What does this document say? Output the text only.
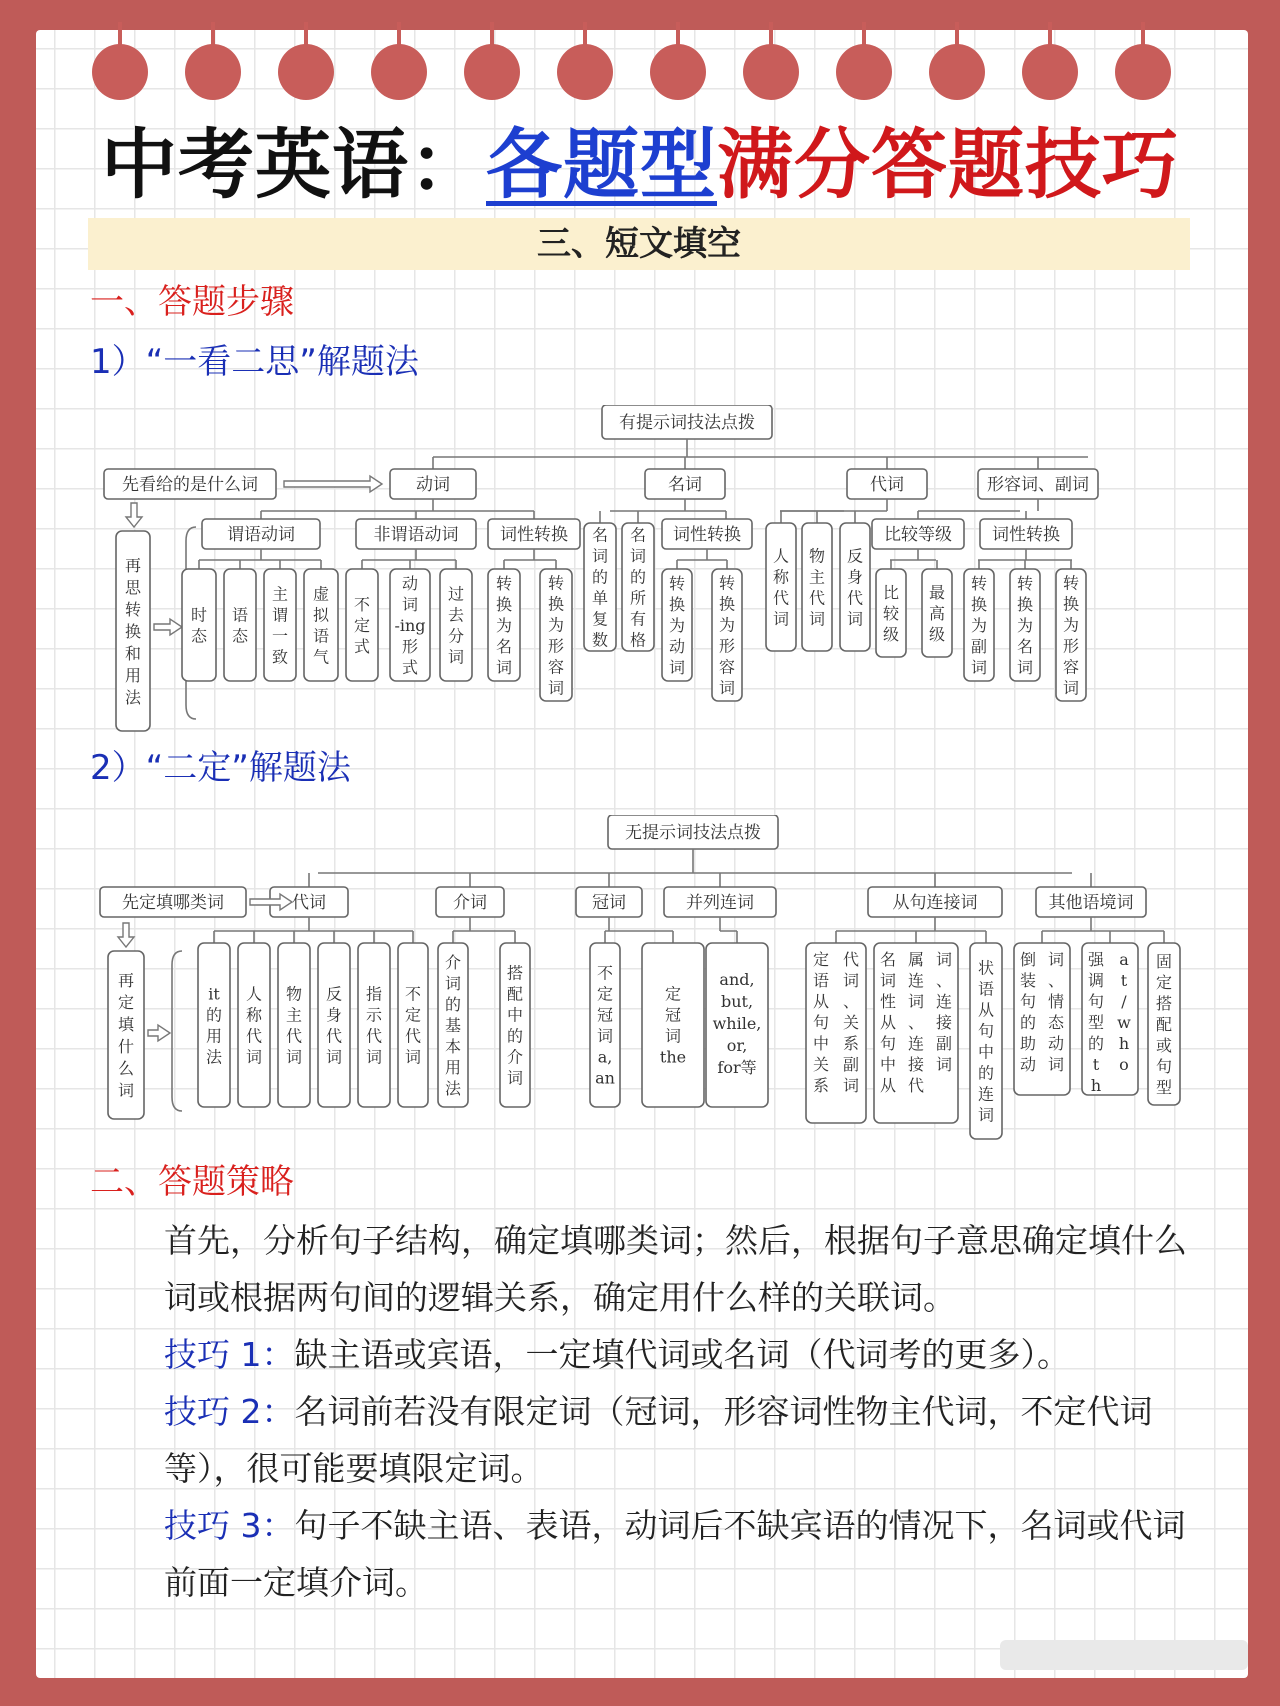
中考英语：各题型满分答题技巧
三、短文填空
一、答题步骤
1）“一看二思”解题法
有提示词技法点拨
动词	名词	代词	形容词、副词
先看给的是什么词
再思转换和用法
谓语动词
时态
语态
主谓一致
虚拟语气
非谓语动词
不定式
动词-ing 形式
过去分词
词性转换
转换为名词
转换为形容词
名词的单复数
名词的所有格
词性转换
转换为动词
转换为形容词
人称代词
物主代词
反身代词
比较等级 词性转换
比较级
最高级
转换为副词
转换为名词
转换为形容词
2）“二定”解题法
无提示词技法点拨
代词	介词	冠词	并列连词	从句连接词	其他语境词
先定填哪类词
再定填什么词
it 的用法
人称代词
物主代词
反身代词
指示代词
不定代词
介词的基本用法
搭配中的介词
不定冠词 a, an
定冠词 the
and, but, while, or, for等
定语从句中关系代词、关系副词
名词性从句中从属连词、连接代词、连接副词
状语从句中的连词
倒装句的助动词、情态动词
强调句型的 t ha t / w h o
固定搭配或句型
二、答题策略

首先，分析句子结构，确定填哪类词；然后，根据句子意思确定填什么词或根据两句间的逻辑关系，确定用什么样的关联词。

技巧 1：缺主语或宾语，一定填代词或名词（代词考的更多）。

技巧 2：名词前若没有限定词（冠词，形容词性物主代词，不定代词等），很可能要填限定词。

技巧 3：句子不缺主语、表语，动词后不缺宾语的情况下，名词或代词前面一定填介词。
